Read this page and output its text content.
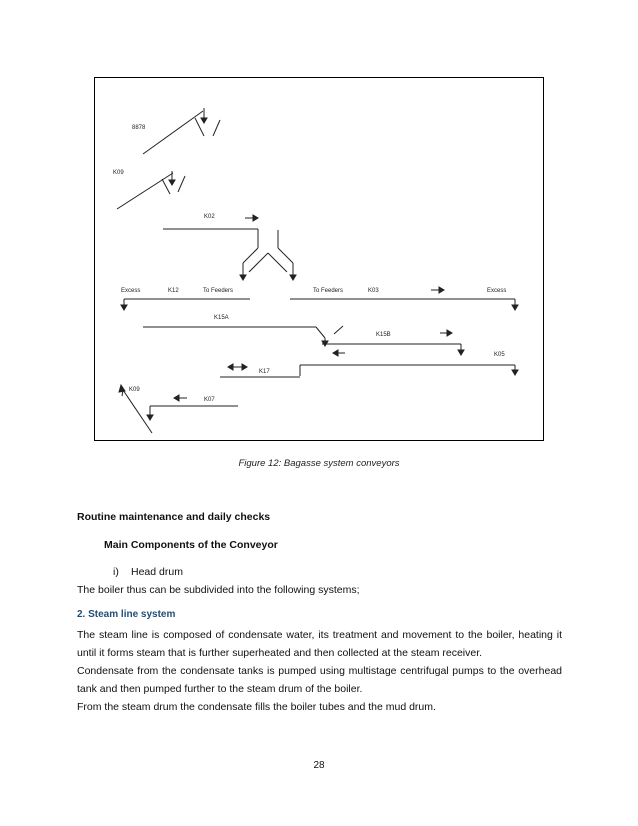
8878
K09
K02
Excess	K12	To Feeders	To Feeders	K03	Excess
K15A
K15B
K05
K17
K09
K07
Figure 12: Bagasse system conveyors
Routine maintenance and daily checks
Main Components of the Conveyor
i) Head drum
The boiler thus can be subdivided into the following systems;
2. Steam line system

The steam line is composed of condensate water, its treatment and movement to the boiler, heating it until it forms steam that is further superheated and then collected at the steam receiver.

Condensate from the condensate tanks is pumped using multistage centrifugal pumps to the overhead tank and then pumped further to the steam drum of the boiler.

From the steam drum the condensate fills the boiler tubes and the mud drum.

28
